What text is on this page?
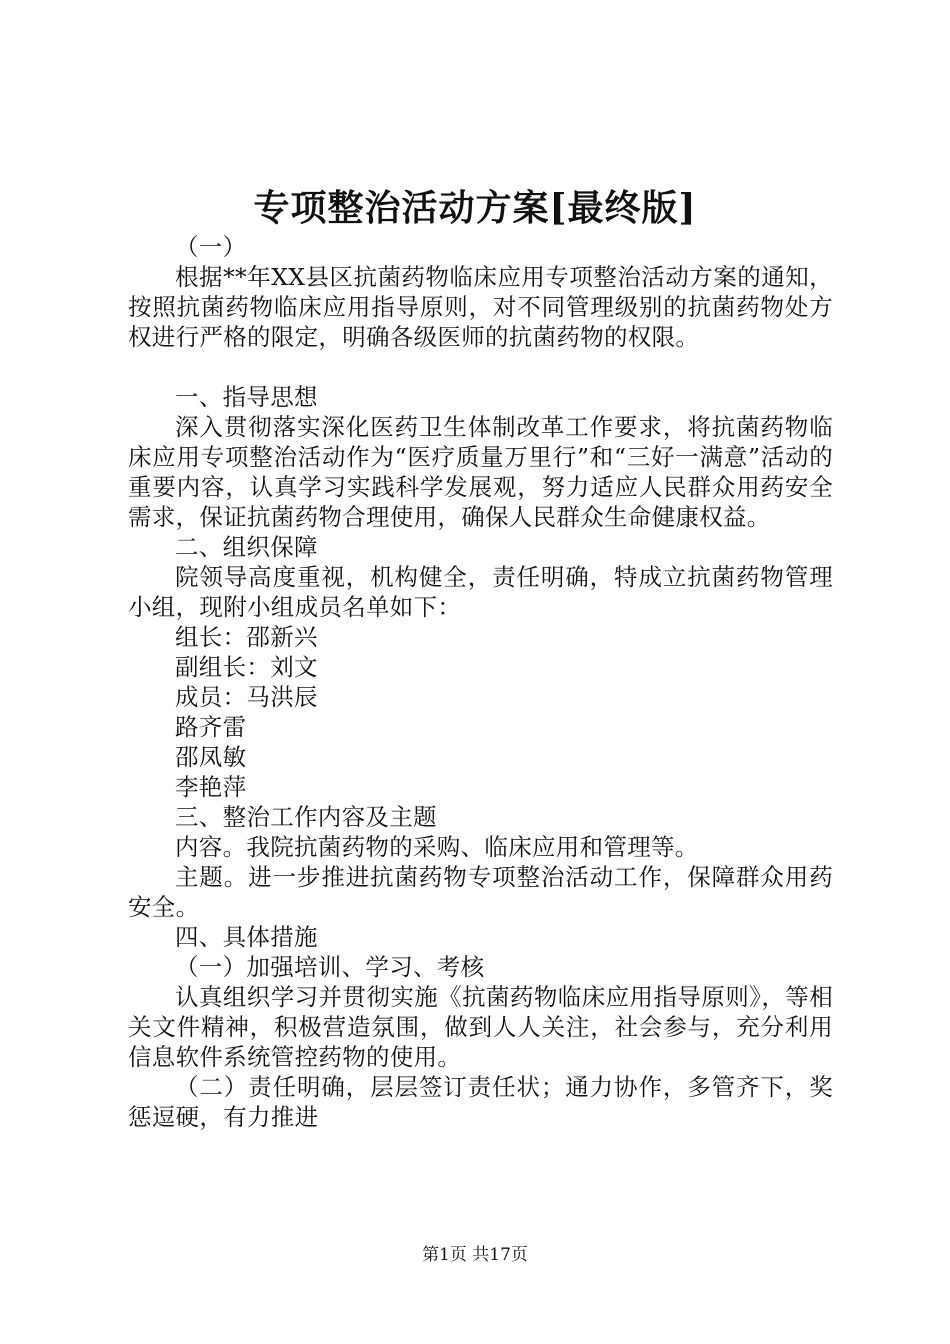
专项整治活动方案[最终版]

（一）

根据**年XX县区抗菌药物临床应用专项整治活动方案的通知，按照抗菌药物临床应用指导原则，对不同管理级别的抗菌药物处方权进行严格的限定，明确各级医师的抗菌药物的权限。

一、指导思想

深入贯彻落实深化医药卫生体制改革工作要求，将抗菌药物临床应用专项整治活动作为“医疗质量万里行”和“三好一满意”活动的重要内容，认真学习实践科学发展观，努力适应人民群众用药安全需求，保证抗菌药物合理使用，确保人民群众生命健康权益。

二、组织保障

院领导高度重视，机构健全，责任明确，特成立抗菌药物管理小组，现附小组成员名单如下：

组长：邵新兴

副组长：刘文

成员：马洪辰

路齐雷

邵凤敏

李艳萍

三、整治工作内容及主题

内容。我院抗菌药物的采购、临床应用和管理等。

主题。进一步推进抗菌药物专项整治活动工作，保障群众用药安全。

四、具体措施

（一）加强培训、学习、考核

认真组织学习并贯彻实施《抗菌药物临床应用指导原则》，等相关文件精神，积极营造氛围，做到人人关注，社会参与，充分利用信息软件系统管控药物的使用。

（二）责任明确，层层签订责任状；通力协作，多管齐下，奖惩逗硬，有力推进

第1页 共17页
